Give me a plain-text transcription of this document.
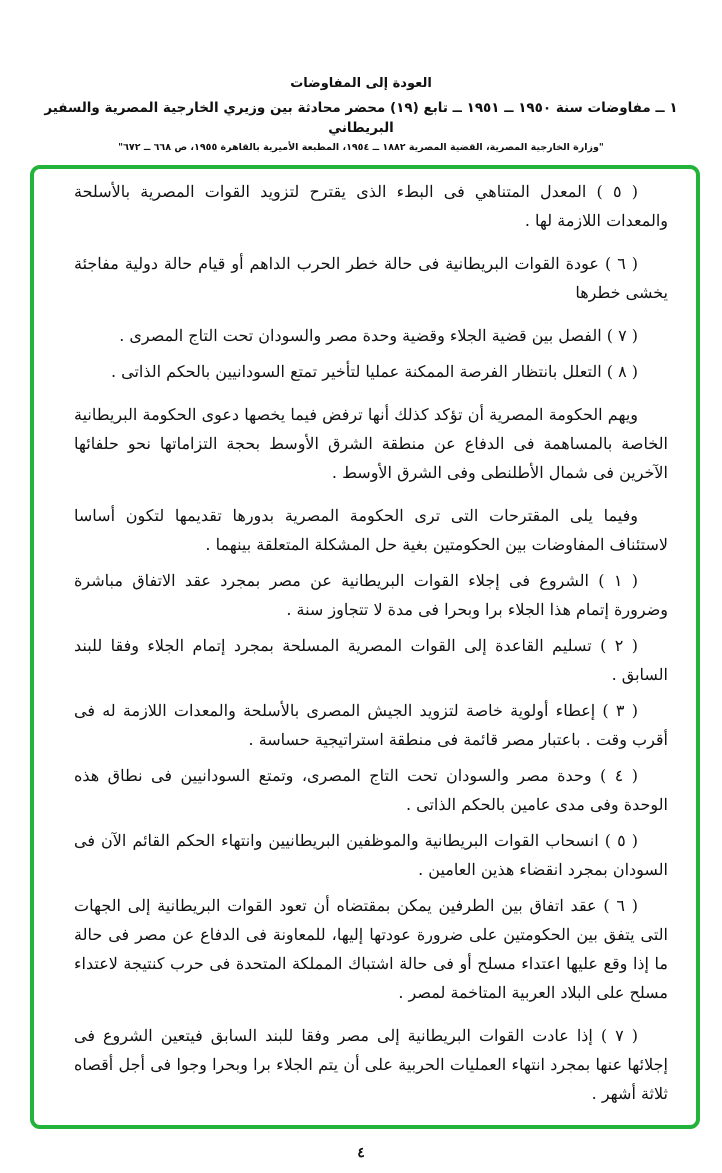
العودة إلى المفاوضات
١ ــ مفاوضات سنة ١٩٥٠ ــ ١٩٥١ ــ تابع (١٩) محضر محادثة بين وزيري الخارجية المصرية والسفير البريطاني
"وزارة الخارجية المصرية، القضية المصرية ١٨٨٢ ــ ١٩٥٤، المطبعة الأميرية بالقاهرة ١٩٥٥، ص ٦٦٨ ــ ٦٧٢"

( ٥ ) المعدل المتناهي فى البطء الذى يقترح لتزويد القوات المصرية بالأسلحة والمعدات اللازمة لها .

( ٦ ) عودة القوات البريطانية فى حالة خطر الحرب الداهم أو قيام حالة دولية مفاجئة يخشى خطرها

( ٧ ) الفصل بين قضية الجلاء وقضية وحدة مصر والسودان تحت التاج المصرى .

( ٨ ) التعلل بانتظار الفرصة الممكنة عمليا لتأخير تمتع السودانيين بالحكم الذاتى .

ويهم الحكومة المصرية أن تؤكد كذلك أنها ترفض فيما يخصها دعوى الحكومة البريطانية الخاصة بالمساهمة فى الدفاع عن منطقة الشرق الأوسط بحجة التزاماتها نحو حلفائها الآخرين فى شمال الأطلنطى وفى الشرق الأوسط .

وفيما يلى المقترحات التى ترى الحكومة المصرية بدورها تقديمها لتكون أساسا لاستئناف المفاوضات بين الحكومتين بغية حل المشكلة المتعلقة بينهما .

( ١ ) الشروع فى إجلاء القوات البريطانية عن مصر بمجرد عقد الاتفاق مباشرة وضرورة إتمام هذا الجلاء برا وبحرا فى مدة لا تتجاوز سنة .

( ٢ ) تسليم القاعدة إلى القوات المصرية المسلحة بمجرد إتمام الجلاء وفقا للبند السابق .

( ٣ ) إعطاء أولوية خاصة لتزويد الجيش المصرى بالأسلحة والمعدات اللازمة له فى أقرب وقت . باعتبار مصر قائمة فى منطقة استراتيجية حساسة .

( ٤ ) وحدة مصر والسودان تحت التاج المصرى، وتمتع السودانيين فى نطاق هذه الوحدة وفى مدى عامين بالحكم الذاتى .

( ٥ ) انسحاب القوات البريطانية والموظفين البريطانيين وانتهاء الحكم القائم الآن فى السودان بمجرد انقضاء هذين العامين .

( ٦ ) عقد اتفاق بين الطرفين يمكن بمقتضاه أن تعود القوات البريطانية إلى الجهات التى يتفق بين الحكومتين على ضرورة عودتها إليها، للمعاونة فى الدفاع عن مصر فى حالة ما إذا وقع عليها اعتداء مسلح أو فى حالة اشتباك المملكة المتحدة فى حرب كنتيجة لاعتداء مسلح على البلاد العربية المتاخمة لمصر .

( ٧ ) إذا عادت القوات البريطانية إلى مصر وفقا للبند السابق فيتعين الشروع فى إجلائها عنها بمجرد انتهاء العمليات الحربية على أن يتم الجلاء برا وبحرا وجوا فى أجل أقصاه ثلاثة أشهر .

٤
